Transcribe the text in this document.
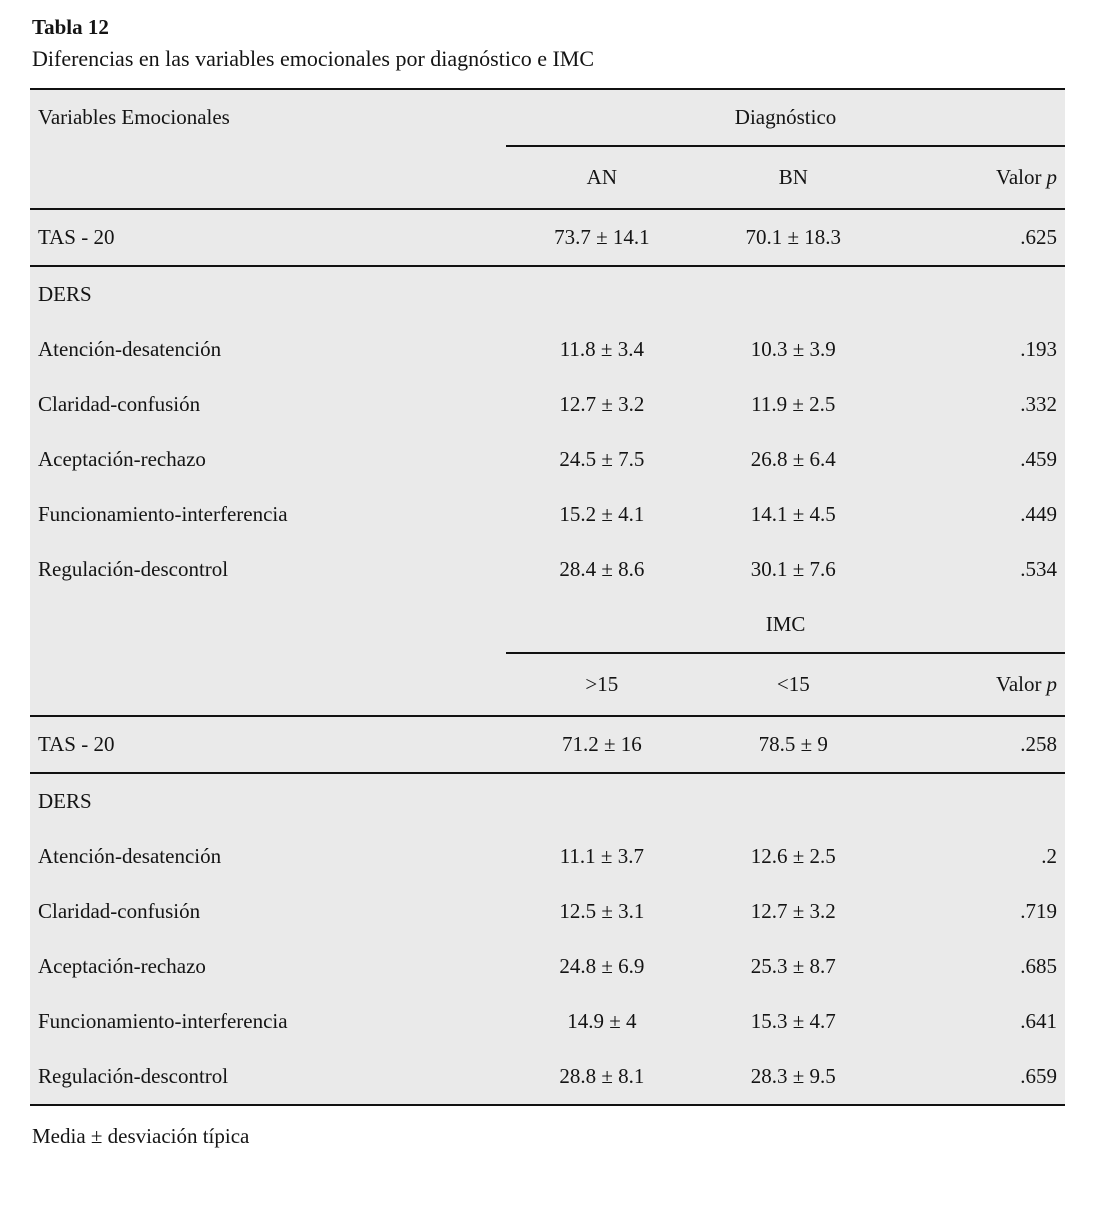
Tabla 12
Diferencias en las variables emocionales por diagnóstico e IMC
Variables Emocionales	Diagnóstico		
	AN	BN	Valor p
TAS - 20	73.7 ± 14.1	70.1 ± 18.3	.625
DERS			
Atención-desatención	11.8 ± 3.4	10.3 ± 3.9	.193
Claridad-confusión	12.7 ± 3.2	11.9 ± 2.5	.332
Aceptación-rechazo	24.5 ± 7.5	26.8 ± 6.4	.459
Funcionamiento-interferencia	15.2 ± 4.1	14.1 ± 4.5	.449
Regulación-descontrol	28.4 ± 8.6	30.1 ± 7.6	.534
	IMC		
	>15	<15	Valor p
TAS - 20	71.2 ± 16	78.5 ± 9	.258
DERS			
Atención-desatención	11.1 ± 3.7	12.6 ± 2.5	.2
Claridad-confusión	12.5 ± 3.1	12.7 ± 3.2	.719
Aceptación-rechazo	24.8 ± 6.9	25.3 ± 8.7	.685
Funcionamiento-interferencia	14.9 ± 4	15.3 ± 4.7	.641
Regulación-descontrol	28.8 ± 8.1	28.3 ± 9.5	.659
Media ± desviación típica
